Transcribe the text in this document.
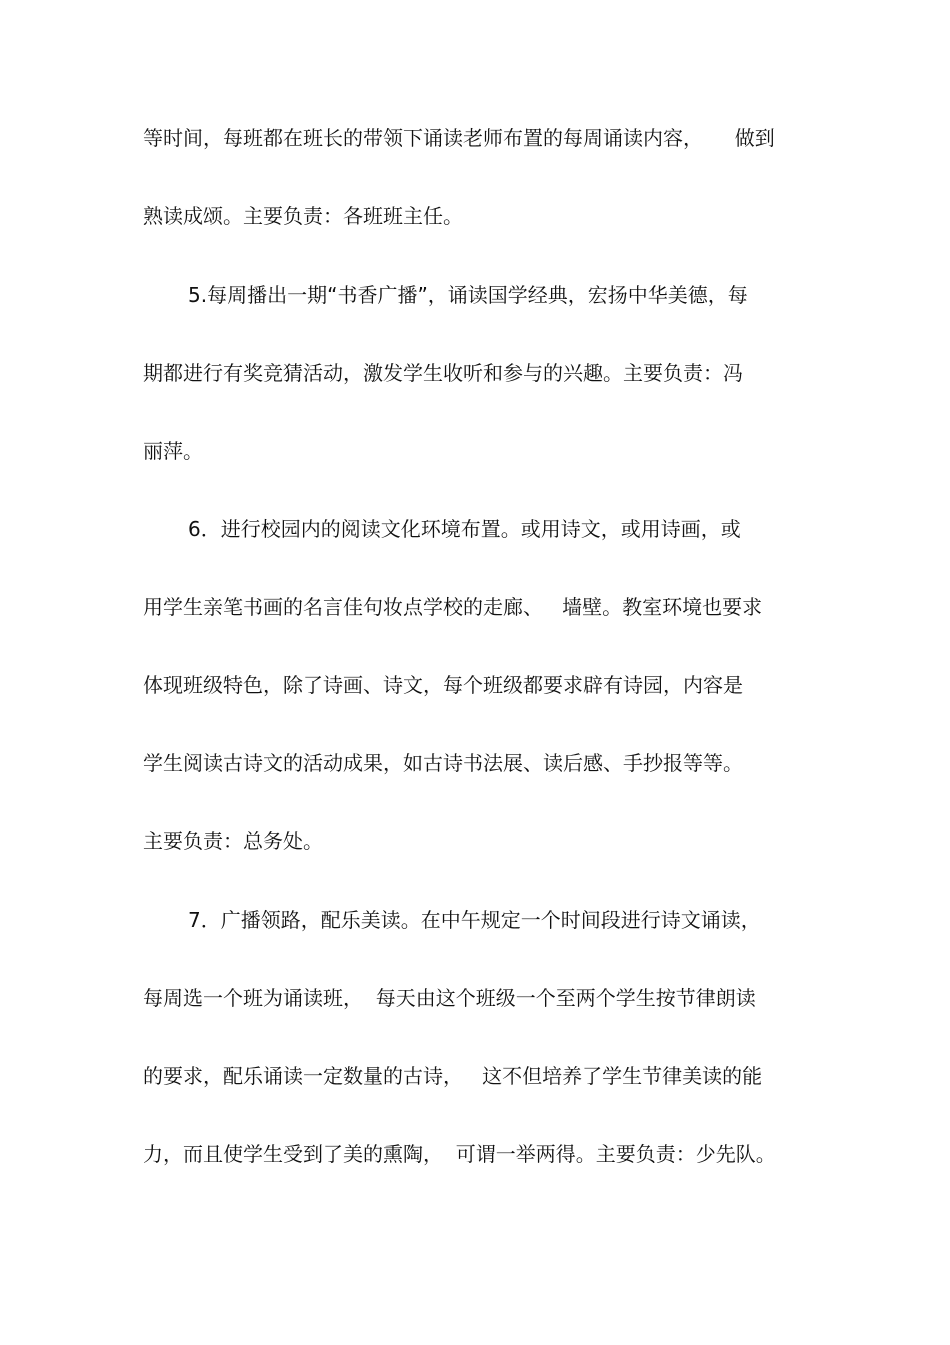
等时间，每班都在班长的带领下诵读老师布置的每周诵读内容，     做到
熟读成颂。主要负责：各班班主任。
5.每周播出一期“书香广播”，诵读国学经典，宏扬中华美德，每
期都进行有奖竞猜活动，激发学生收听和参与的兴趣。主要负责：冯
丽萍。
6．进行校园内的阅读文化环境布置。或用诗文，或用诗画，或
用学生亲笔书画的名言佳句妆点学校的走廊、   墙壁。教室环境也要求
体现班级特色，除了诗画、诗文，每个班级都要求辟有诗园，内容是
学生阅读古诗文的活动成果，如古诗书法展、读后感、手抄报等等。
主要负责：总务处。
7．广播领路，配乐美读。在中午规定一个时间段进行诗文诵读，
每周选一个班为诵读班，  每天由这个班级一个至两个学生按节律朗读
的要求，配乐诵读一定数量的古诗，   这不但培养了学生节律美读的能
力，而且使学生受到了美的熏陶，  可谓一举两得。主要负责：少先队。
